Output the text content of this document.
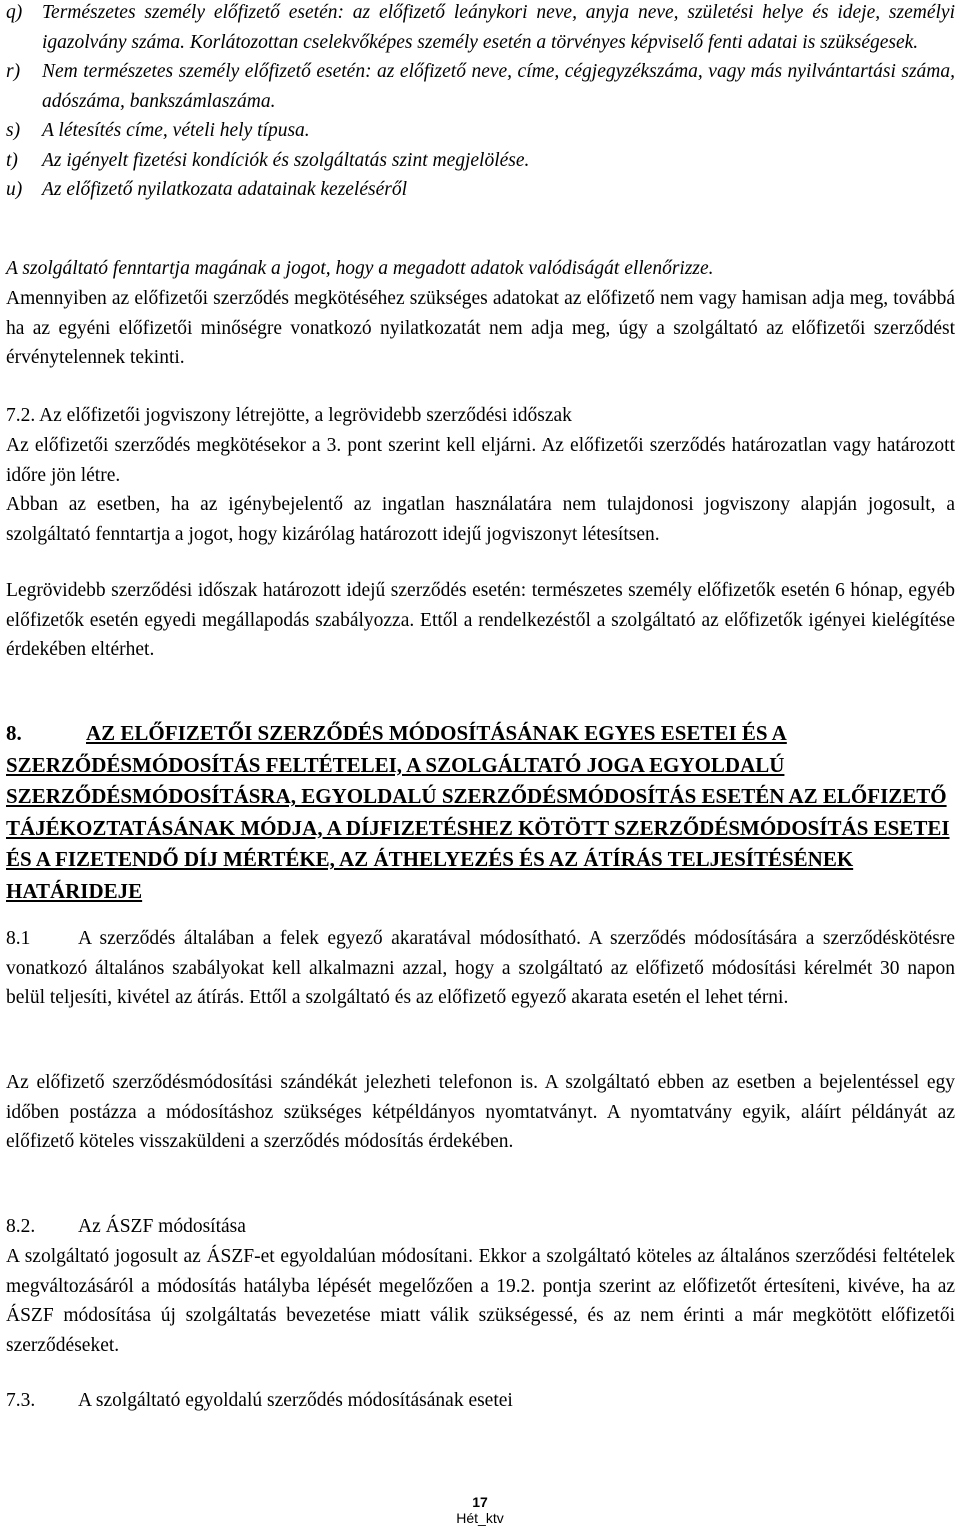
q) Természetes személy előfizető esetén: az előfizető leánykori neve, anyja neve, születési helye és ideje, személyi igazolvány száma. Korlátozottan cselekvőképes személy esetén a törvényes képviselő fenti adatai is szükségesek.
r) Nem természetes személy előfizető esetén: az előfizető neve, címe, cégjegyzékszáma, vagy más nyilvántartási száma, adószáma, bankszámlaszáma.
s) A létesítés címe, vételi hely típusa.
t) Az igényelt fizetési kondíciók és szolgáltatás szint megjelölése.
u) Az előfizető nyilatkozata adatainak kezeléséről
A szolgáltató fenntartja magának a jogot, hogy a megadott adatok valódiságát ellenőrizze.
Amennyiben az előfizetői szerződés megkötéséhez szükséges adatokat az előfizető nem vagy hamisan adja meg, továbbá ha az egyéni előfizetői minőségre vonatkozó nyilatkozatát nem adja meg, úgy a szolgáltató az előfizetői szerződést érvénytelennek tekinti.
7.2. Az előfizetői jogviszony létrejötte, a legrövidebb szerződési időszak
Az előfizetői szerződés megkötésekor a 3. pont szerint kell eljárni. Az előfizetői szerződés határozatlan vagy határozott időre jön létre.
Abban az esetben, ha az igénybejelentő az ingatlan használatára nem tulajdonosi jogviszony alapján jogosult, a szolgáltató fenntartja a jogot, hogy kizárólag határozott idejű jogviszonyt létesítsen.
Legrövidebb szerződési időszak határozott idejű szerződés esetén: természetes személy előfizetők esetén 6 hónap, egyéb előfizetők esetén egyedi megállapodás szabályozza. Ettől a rendelkezéstől a szolgáltató az előfizetők igényei kielégítése érdekében eltérhet.
8.	AZ ELŐFIZETŐI SZERZŐDÉS MÓDOSÍTÁSÁNAK EGYES ESETEI ÉS A SZERZŐDÉSMÓDOSÍTÁS FELTÉTELEI, A SZOLGÁLTATÓ JOGA EGYOLDALÚ SZERZŐDÉSMÓDOSÍTÁSRA, EGYOLDALÚ SZERZŐDÉSMÓDOSÍTÁS ESETÉN AZ ELŐFIZETŐ TÁJÉKOZTATÁSÁNAK MÓDJA, A DÍJFIZETÉSHEZ KÖTÖTT SZERZŐDÉSMÓDOSÍTÁS ESETEI ÉS A FIZETENDŐ DÍJ MÉRTÉKE, AZ ÁTHELYEZÉS ÉS AZ ÁTÍRÁS TELJESÍTÉSÉNEK HATÁRIDEJE
8.1 A szerződés általában a felek egyező akaratával módosítható. A szerződés módosítására a szerződéskötésre vonatkozó általános szabályokat kell alkalmazni azzal, hogy a szolgáltató az előfizető módosítási kérelmét 30 napon belül teljesíti, kivétel az átírás. Ettől a szolgáltató és az előfizető egyező akarata esetén el lehet térni.
Az előfizető szerződésmódosítási szándékát jelezheti telefonon is. A szolgáltató ebben az esetben a bejelentéssel egy időben postázza a módosításhoz szükséges kétpéldányos nyomtatványt. A nyomtatvány egyik, aláírt példányát az előfizető köteles visszaküldeni a szerződés módosítás érdekében.
8.2. Az ÁSZF módosítása
A szolgáltató jogosult az ÁSZF-et egyoldalúan módosítani. Ekkor a szolgáltató köteles az általános szerződési feltételek megváltozásáról a módosítás hatályba lépését megelőzően a 19.2. pontja szerint az előfizetőt értesíteni, kivéve, ha az ÁSZF módosítása új szolgáltatás bevezetése miatt válik szükségessé, és az nem érinti a már megkötött előfizetői szerződéseket.
7.3. A szolgáltató egyoldalú szerződés módosításának esetei
17
Hét_ktv
